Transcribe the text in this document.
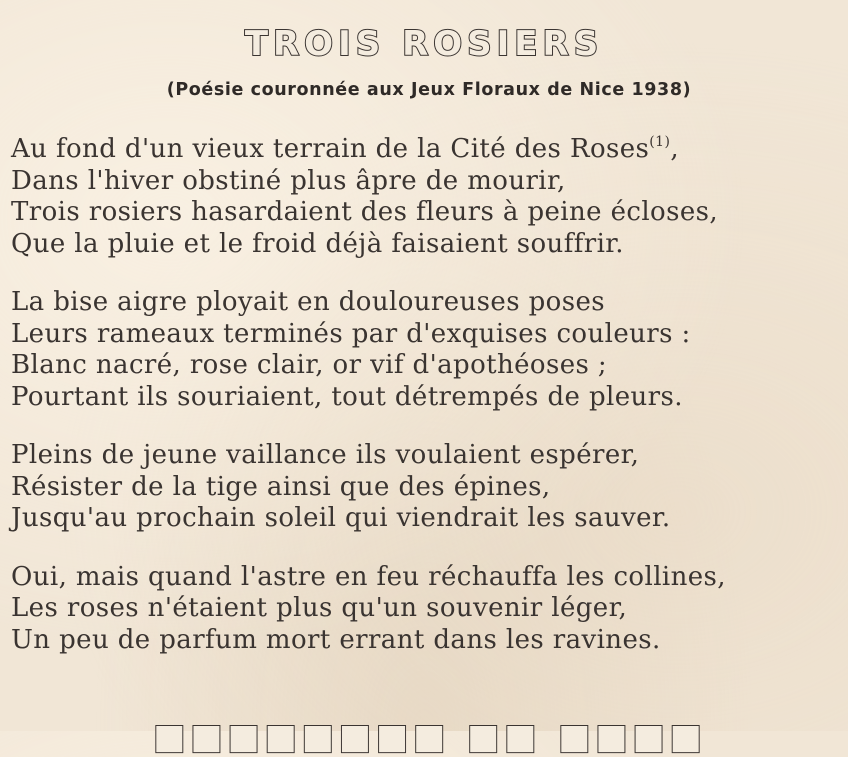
TROIS ROSIERS
(Poésie couronnée aux Jeux Floraux de Nice 1938)
Au fond d'un vieux terrain de la Cité des Roses$^{(1)}$,
Dans l'hiver obstiné plus âpre de mourir,
Trois rosiers hasardaient des fleurs à peine écloses,
Que la pluie et le froid déjà faisaient souffrir.
La bise aigre ployait en douloureuses poses
Leurs rameaux terminés par d'exquises couleurs :
Blanc nacré, rose clair, or vif d'apothéoses ;
Pourtant ils souriaient, tout détrempés de pleurs.
Pleins de jeune vaillance ils voulaient espérer,
Résister de la tige ainsi que des épines,
Jusqu'au prochain soleil qui viendrait les sauver.
Oui, mais quand l'astre en feu réchauffa les collines,
Les roses n'étaient plus qu'un souvenir léger,
Un peu de parfum mort errant dans les ravines.
■■■■■■■■ ■■ ■■■■
